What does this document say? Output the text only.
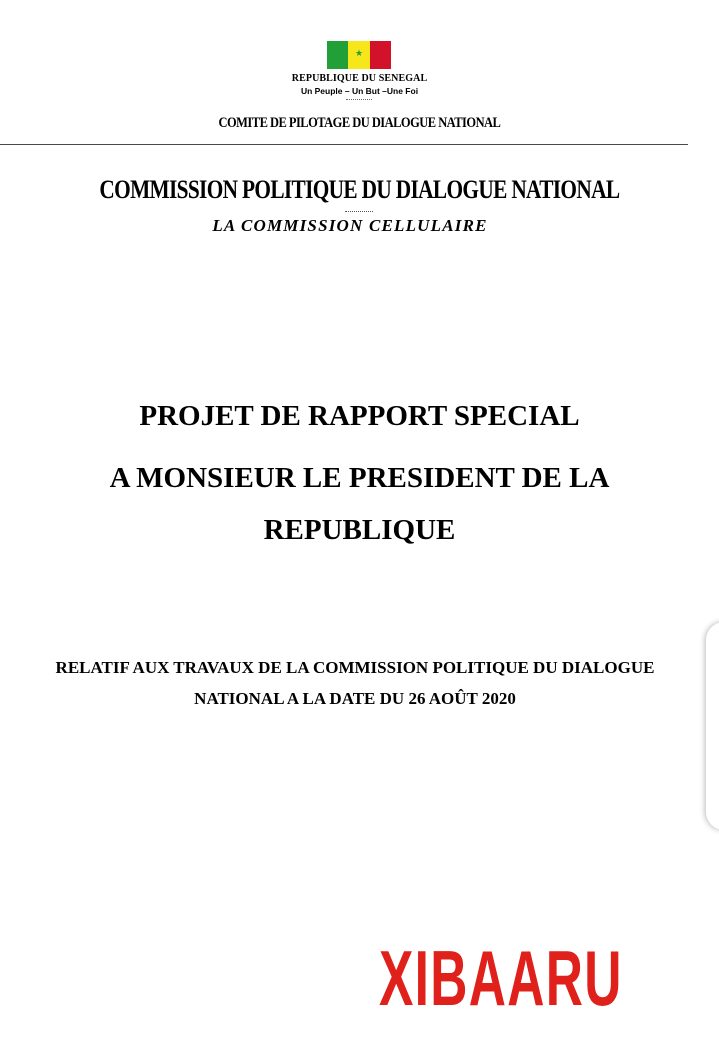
★
REPUBLIQUE DU SENEGAL
Un Peuple – Un But –Une Foi
COMITE DE PILOTAGE DU DIALOGUE NATIONAL
COMMISSION POLITIQUE DU DIALOGUE NATIONAL
LA COMMISSION CELLULAIRE
PROJET DE RAPPORT SPECIAL
A MONSIEUR LE PRESIDENT DE LA
REPUBLIQUE
RELATIF AUX TRAVAUX DE LA COMMISSION POLITIQUE DU DIALOGUE
NATIONAL A LA DATE DU 26 AOÛT 2020
XIBAARU
